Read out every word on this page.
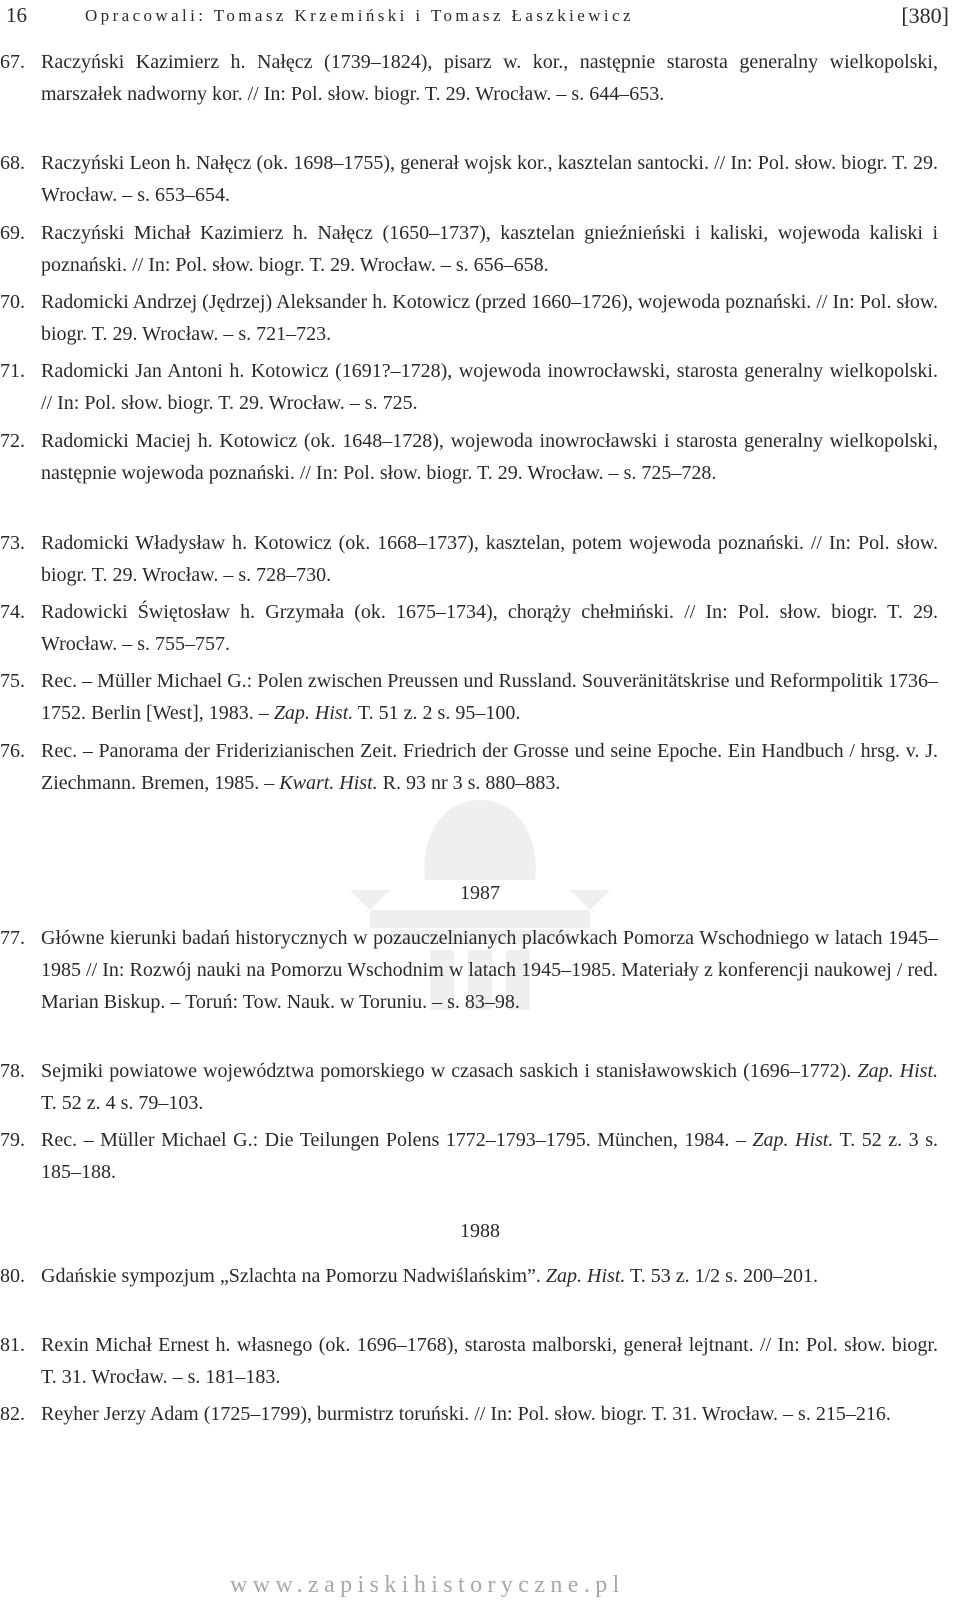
16	Opracowali: Tomasz Krzemiński i Tomasz Łaszkiewicz	[380]
67. Raczyński Kazimierz h. Nałęcz (1739–1824), pisarz w. kor., następnie starosta generalny wielkopolski, marszałek nadworny kor. // In: Pol. słow. biogr. T. 29. Wrocław. – s. 644–653.
68. Raczyński Leon h. Nałęcz (ok. 1698–1755), generał wojsk kor., kasztelan santocki. // In: Pol. słow. biogr. T. 29. Wrocław. – s. 653–654.
69. Raczyński Michał Kazimierz h. Nałęcz (1650–1737), kasztelan gnieźnieński i kaliski, wojewoda kaliski i poznański. // In: Pol. słow. biogr. T. 29. Wrocław. – s. 656–658.
70. Radomicki Andrzej (Jędrzej) Aleksander h. Kotowicz (przed 1660–1726), wojewoda poznański. // In: Pol. słow. biogr. T. 29. Wrocław. – s. 721–723.
71. Radomicki Jan Antoni h. Kotowicz (1691?–1728), wojewoda inowrocławski, starosta generalny wielkopolski. // In: Pol. słow. biogr. T. 29. Wrocław. – s. 725.
72. Radomicki Maciej h. Kotowicz (ok. 1648–1728), wojewoda inowrocławski i starosta generalny wielkopolski, następnie wojewoda poznański. // In: Pol. słow. biogr. T. 29. Wrocław. – s. 725–728.
73. Radomicki Władysław h. Kotowicz (ok. 1668–1737), kasztelan, potem wojewoda poznański. // In: Pol. słow. biogr. T. 29. Wrocław. – s. 728–730.
74. Radowicki Świętosław h. Grzymała (ok. 1675–1734), chorąży chełmiński. // In: Pol. słow. biogr. T. 29. Wrocław. – s. 755–757.
75. Rec. – Müller Michael G.: Polen zwischen Preussen und Russland. Souveränitätskrise und Reformpolitik 1736–1752. Berlin [West], 1983. – Zap. Hist. T. 51 z. 2 s. 95–100.
76. Rec. – Panorama der Friderizianischen Zeit. Friedrich der Grosse und seine Epoche. Ein Handbuch / hrsg. v. J. Ziechmann. Bremen, 1985. – Kwart. Hist. R. 93 nr 3 s. 880–883.
1987
77. Główne kierunki badań historycznych w pozauczelnianych placówkach Pomorza Wschodniego w latach 1945–1985 // In: Rozwój nauki na Pomorzu Wschodnim w latach 1945–1985. Materiały z konferencji naukowej / red. Marian Biskup. – Toruń: Tow. Nauk. w Toruniu. – s. 83–98.
78. Sejmiki powiatowe województwa pomorskiego w czasach saskich i stanisławowskich (1696–1772). Zap. Hist. T. 52 z. 4 s. 79–103.
79. Rec. – Müller Michael G.: Die Teilungen Polens 1772–1793–1795. München, 1984. – Zap. Hist. T. 52 z. 3 s. 185–188.
1988
80. Gdańskie sympozjum „Szlachta na Pomorzu Nadwiślańskim”. Zap. Hist. T. 53 z. 1/2 s. 200–201.
81. Rexin Michał Ernest h. własnego (ok. 1696–1768), starosta malborski, generał lejtnant. // In: Pol. słow. biogr. T. 31. Wrocław. – s. 181–183.
82. Reyher Jerzy Adam (1725–1799), burmistrz toruński. // In: Pol. słow. biogr. T. 31. Wrocław. – s. 215–216.
www.zapiskihistoryczne.pl
